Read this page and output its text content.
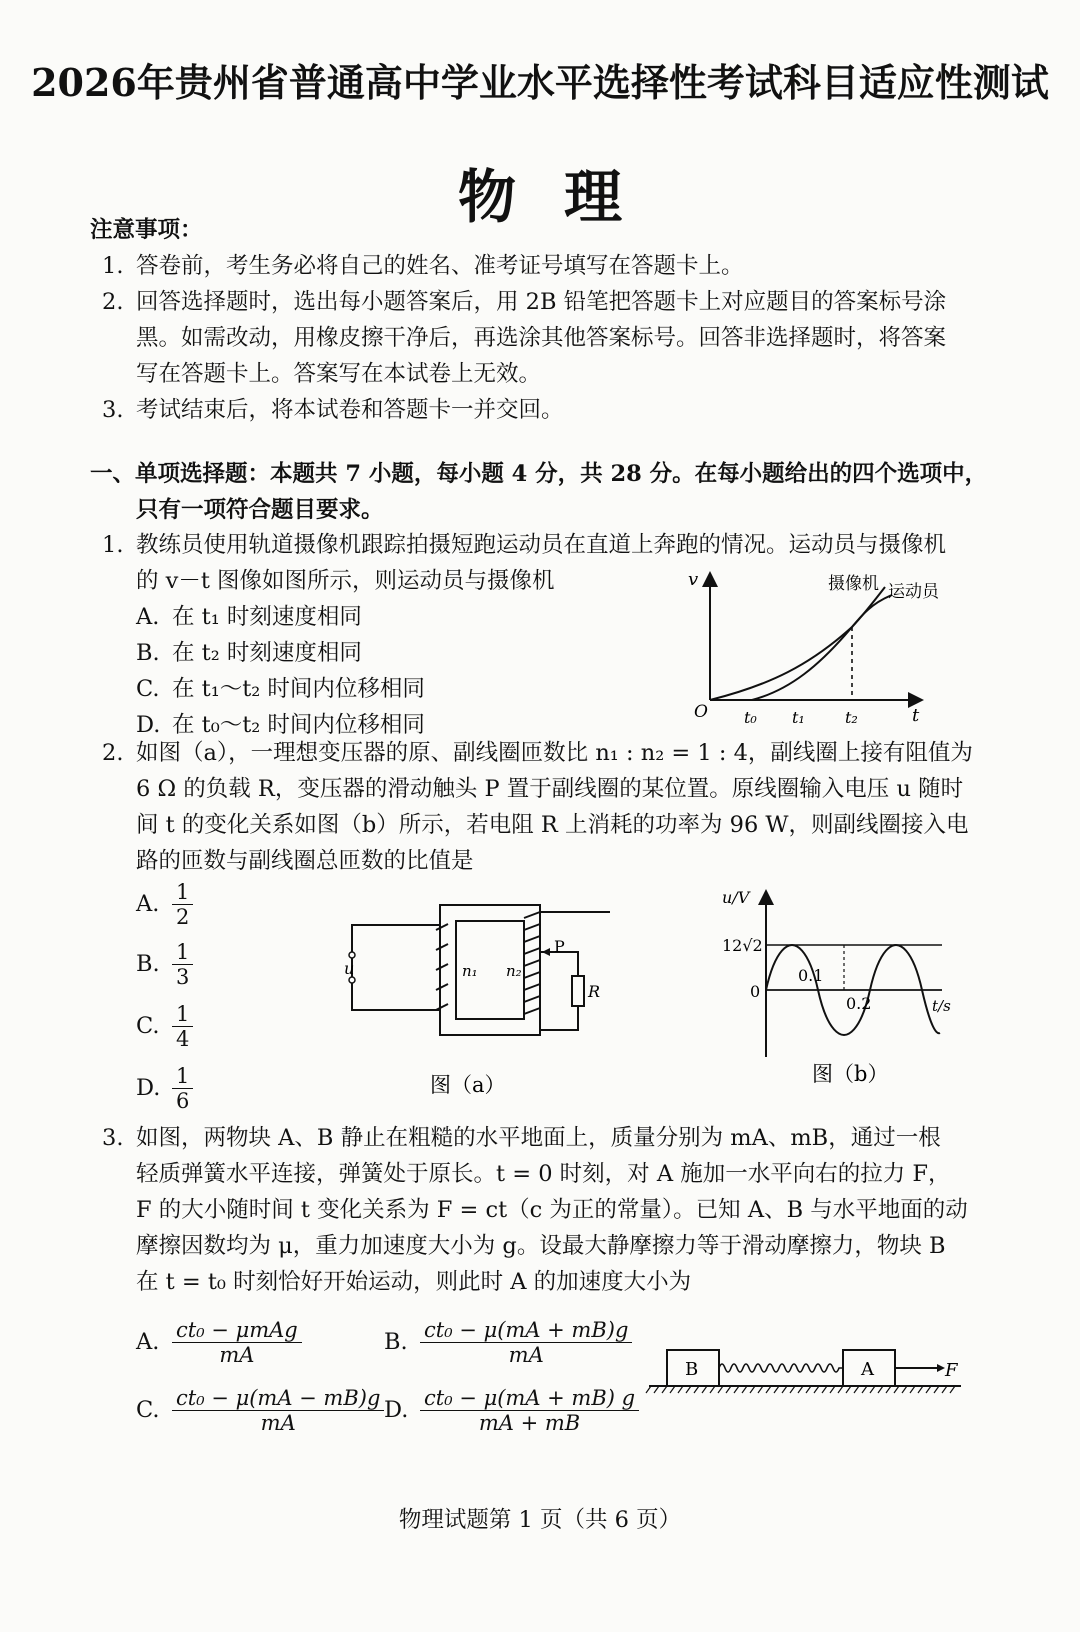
2026年贵州省普通高中学业水平选择性考试科目适应性测试
物理
注意事项：
1. 答卷前，考生务必将自己的姓名、准考证号填写在答题卡上。
2. 回答选择题时，选出每小题答案后，用 2B 铅笔把答题卡上对应题目的答案标号涂
黑。如需改动，用橡皮擦干净后，再选涂其他答案标号。回答非选择题时，将答案
写在答题卡上。答案写在本试卷上无效。
3. 考试结束后，将本试卷和答题卡一并交回。
一、单项选择题：本题共 7 小题，每小题 4 分，共 28 分。在每小题给出的四个选项中，
只有一项符合题目要求。
1. 教练员使用轨道摄像机跟踪拍摄短跑运动员在直道上奔跑的情况。运动员与摄像机
的 v－t 图像如图所示，则运动员与摄像机
A. 在 t₁ 时刻速度相同
B. 在 t₂ 时刻速度相同
C. 在 t₁～t₂ 时间内位移相同
D. 在 t₀～t₂ 时间内位移相同
v
t
O t₀ t₁	t₂
摄像机 运动员
2. 如图（a），一理想变压器的原、副线圈匝数比 n₁ : n₂ = 1 : 4，副线圈上接有阻值为
6 Ω 的负载 R，变压器的滑动触头 P 置于副线圈的某位置。原线圈输入电压 u 随时
间 t 的变化关系如图（b）所示，若电阻 R 上消耗的功率为 96 W，则副线圈接入电
路的匝数与副线圈总匝数的比值是
A. $\frac{1}{2}$
B. $\frac{1}{3}$
C. $\frac{1}{4}$
D. $\frac{1}{6}$
u	n₁ n₂
P
R
图（a）
u/V
12√2
0
0.1
0.2	t/s
图（b）
3. 如图，两物块 A、B 静止在粗糙的水平地面上，质量分别为 mA、mB，通过一根
轻质弹簧水平连接，弹簧处于原长。t = 0 时刻，对 A 施加一水平向右的拉力 F，
F 的大小随时间 t 变化关系为 F = ct（c 为正的常量）。已知 A、B 与水平地面的动
摩擦因数均为 μ，重力加速度大小为 g。设最大静摩擦力等于滑动摩擦力，物块 B
在 t = t₀ 时刻恰好开始运动，则此时 A 的加速度大小为
A. $\frac{\text{ct₀ − μmAg}}{mA}$	B. $\frac{\text{ct₀ − μ(mA + mB)g}}{mA}$
C. $\frac{\text{ct₀ − μ(mA − mB)g}}{mA} D$. $\frac{\text{ct₀ − μ(mA + mB) g}}{mA + mB}$
B	A	F
物理试题第 1 页（共 6 页）
